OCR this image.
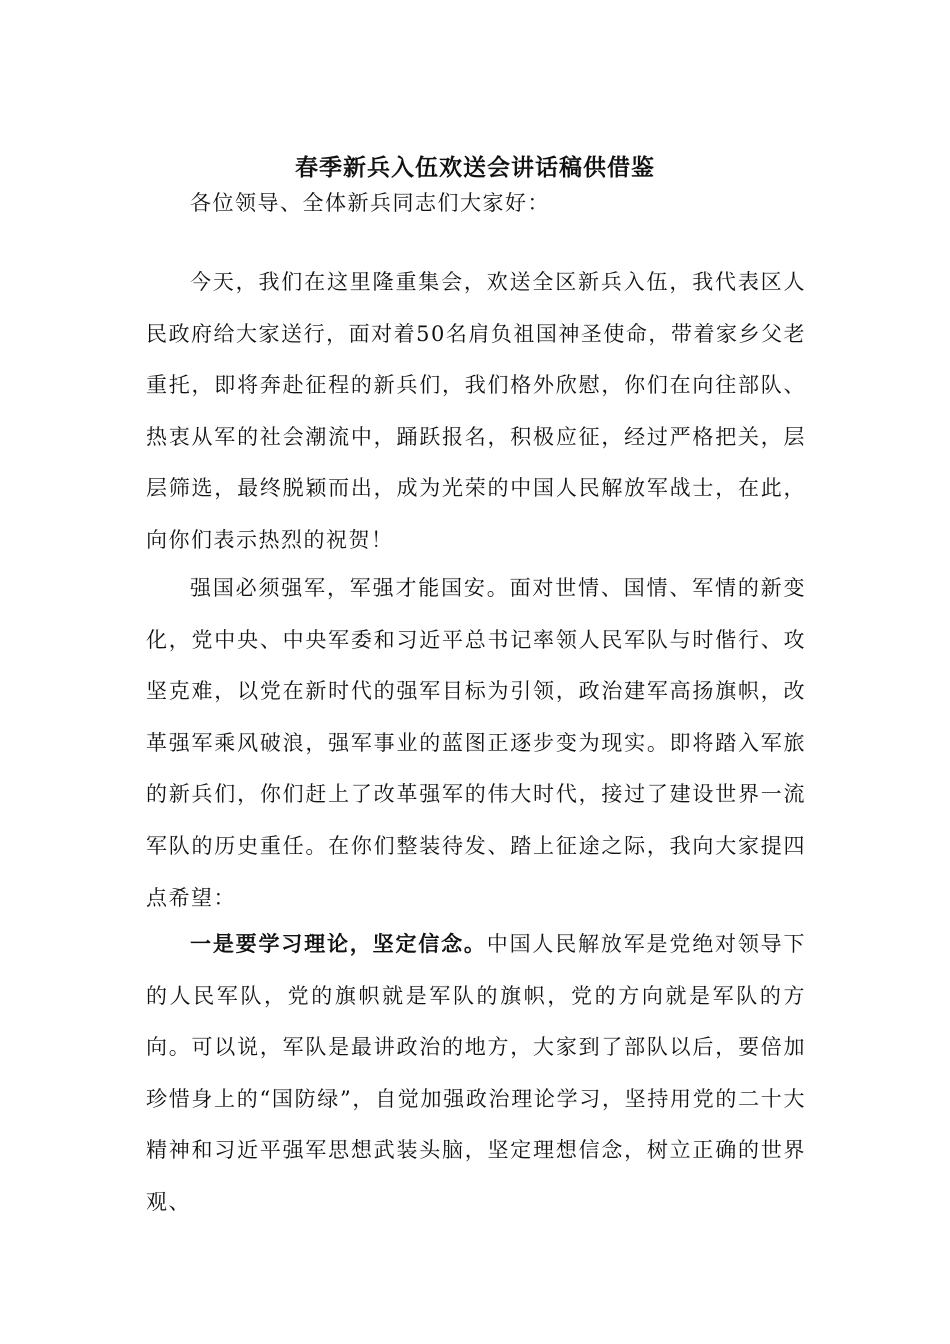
春季新兵入伍欢送会讲话稿供借鉴

各位领导、全体新兵同志们大家好：

今天，我们在这里隆重集会，欢送全区新兵入伍，我代表区人民政府给大家送行，面对着50名肩负祖国神圣使命，带着家乡父老重托，即将奔赴征程的新兵们，我们格外欣慰，你们在向往部队、热衷从军的社会潮流中，踊跃报名，积极应征，经过严格把关，层层筛选，最终脱颖而出，成为光荣的中国人民解放军战士，在此，向你们表示热烈的祝贺！

强国必须强军，军强才能国安。面对世情、国情、军情的新变化，党中央、中央军委和习近平总书记率领人民军队与时偕行、攻坚克难，以党在新时代的强军目标为引领，政治建军高扬旗帜，改革强军乘风破浪，强军事业的蓝图正逐步变为现实。即将踏入军旅的新兵们，你们赶上了改革强军的伟大时代，接过了建设世界一流军队的历史重任。在你们整装待发、踏上征途之际，我向大家提四点希望：

一是要学习理论，坚定信念。中国人民解放军是党绝对领导下的人民军队，党的旗帜就是军队的旗帜，党的方向就是军队的方向。可以说，军队是最讲政治的地方，大家到了部队以后，要倍加珍惜身上的“国防绿”，自觉加强政治理论学习，坚持用党的二十大精神和习近平强军思想武装头脑，坚定理想信念，树立正确的世界观、
